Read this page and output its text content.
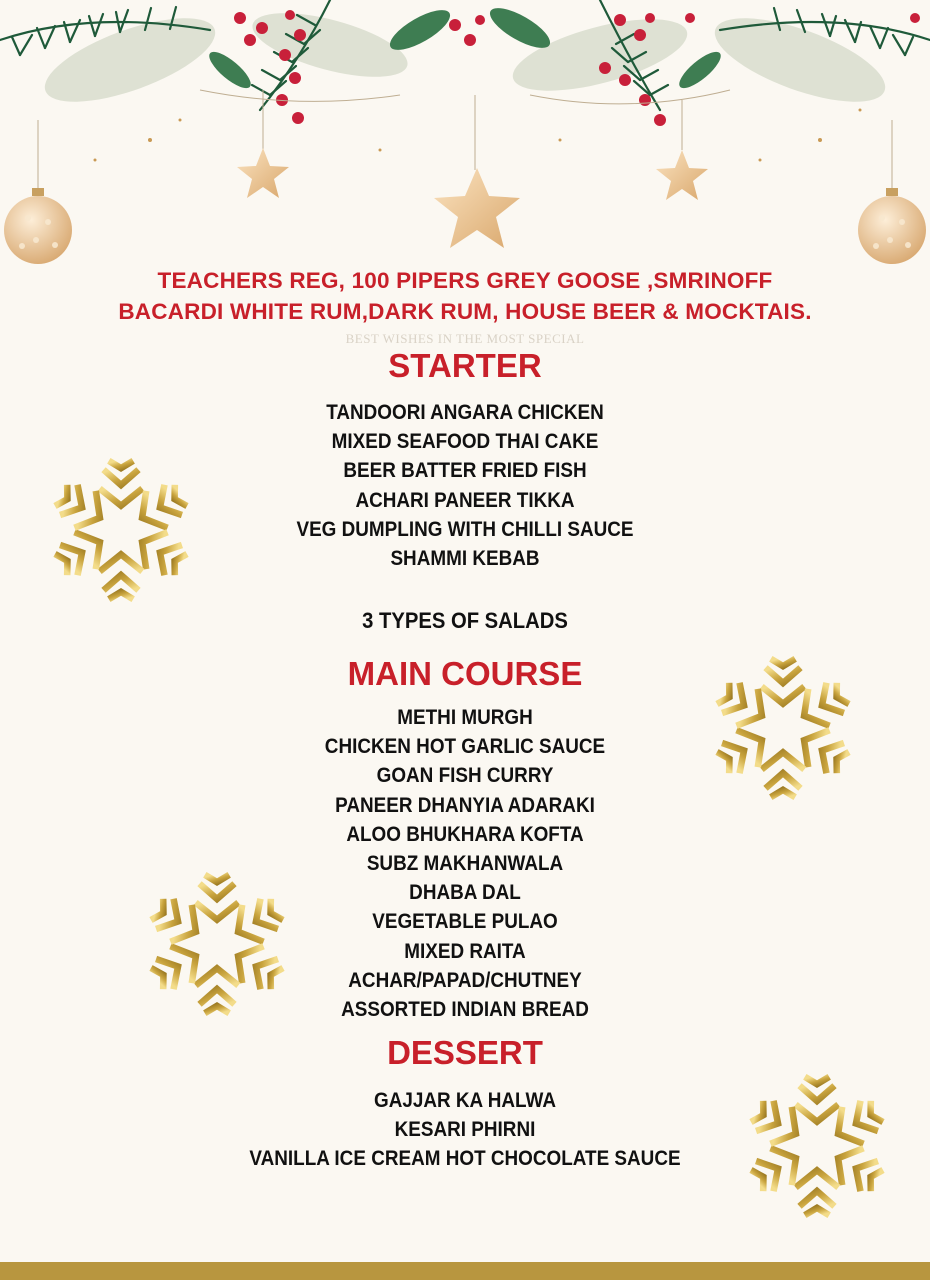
TEACHERS REG, 100 PIPERS GREY GOOSE ,SMRINOFF
BACARDI WHITE RUM,DARK RUM, HOUSE BEER & MOCKTAIS.
BEST WISHES IN THE MOST SPECIAL
STARTER
TANDOORI ANGARA CHICKEN
MIXED SEAFOOD THAI CAKE
BEER BATTER FRIED FISH
ACHARI PANEER TIKKA
VEG DUMPLING WITH CHILLI SAUCE
SHAMMI KEBAB
3 TYPES OF SALADS
MAIN COURSE
METHI MURGH
CHICKEN HOT GARLIC SAUCE
GOAN FISH CURRY
PANEER DHANYIA ADARAKI
ALOO BHUKHARA KOFTA
SUBZ MAKHANWALA
DHABA DAL
VEGETABLE PULAO
MIXED RAITA
ACHAR/PAPAD/CHUTNEY
ASSORTED INDIAN BREAD
DESSERT
GAJJAR KA HALWA
KESARI PHIRNI
VANILLA ICE CREAM HOT CHOCOLATE SAUCE
